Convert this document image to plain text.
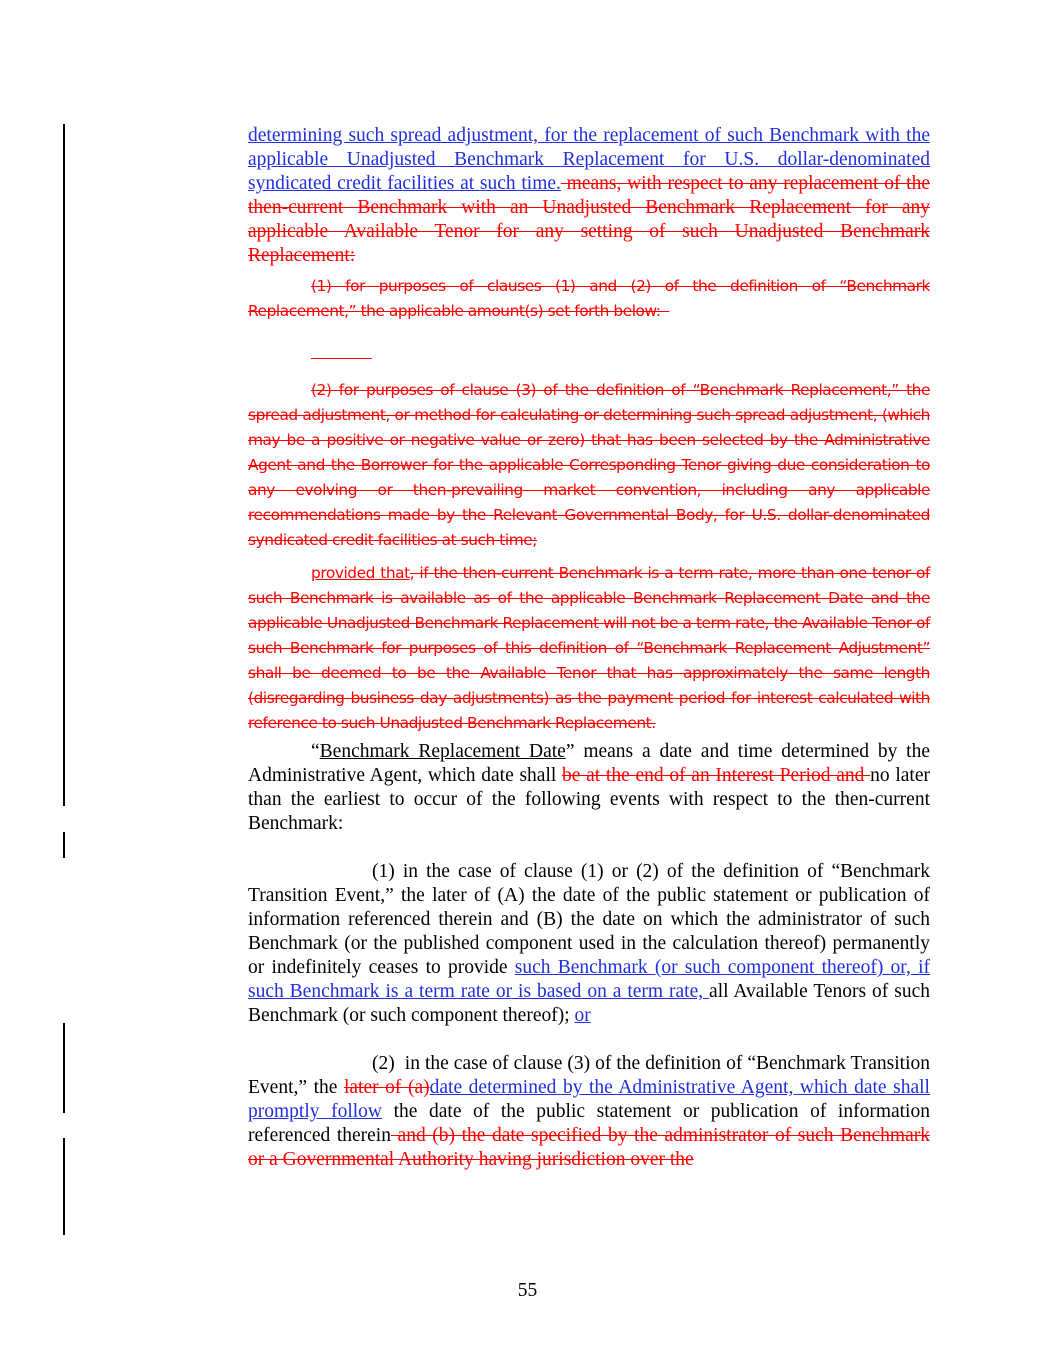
determining such spread adjustment, for the replacement of such Benchmark with the applicable Unadjusted Benchmark Replacement for U.S. dollar-denominated syndicated credit facilities at such time. means, with respect to any replacement of the then-current Benchmark with an Unadjusted Benchmark Replacement for any applicable Available Tenor for any setting of such Unadjusted Benchmark Replacement:

(1) for purposes of clauses (1) and (2) of the definition of “Benchmark Replacement,” the applicable amount(s) set forth below:

(2) for purposes of clause (3) of the definition of “Benchmark Replacement,” the spread adjustment, or method for calculating or determining such spread adjustment, (which may be a positive or negative value or zero) that has been selected by the Administrative Agent and the Borrower for the applicable Corresponding Tenor giving due consideration to any evolving or then-prevailing market convention, including any applicable recommendations made by the Relevant Governmental Body, for U.S. dollar-denominated syndicated credit facilities at such time;

provided that, if the then-current Benchmark is a term rate, more than one tenor of such Benchmark is available as of the applicable Benchmark Replacement Date and the applicable Unadjusted Benchmark Replacement will not be a term rate, the Available Tenor of such Benchmark for purposes of this definition of “Benchmark Replacement Adjustment” shall be deemed to be the Available Tenor that has approximately the same length (disregarding business day adjustments) as the payment period for interest calculated with reference to such Unadjusted Benchmark Replacement.

“Benchmark Replacement Date” means a date and time determined by the Administrative Agent, which date shall be at the end of an Interest Period and no later than the earliest to occur of the following events with respect to the then-current Benchmark:

(1) in the case of clause (1) or (2) of the definition of “Benchmark Transition Event,” the later of (A) the date of the public statement or publication of information referenced therein and (B) the date on which the administrator of such Benchmark (or the published component used in the calculation thereof) permanently or indefinitely ceases to provide such Benchmark (or such component thereof) or, if such Benchmark is a term rate or is based on a term rate, all Available Tenors of such Benchmark (or such component thereof); or

(2)  in the case of clause (3) of the definition of “Benchmark Transition Event,” the later of (a)date determined by the Administrative Agent, which date shall promptly follow the date of the public statement or publication of information referenced therein and (b) the date specified by the administrator of such Benchmark or a Governmental Authority having jurisdiction over the

55
